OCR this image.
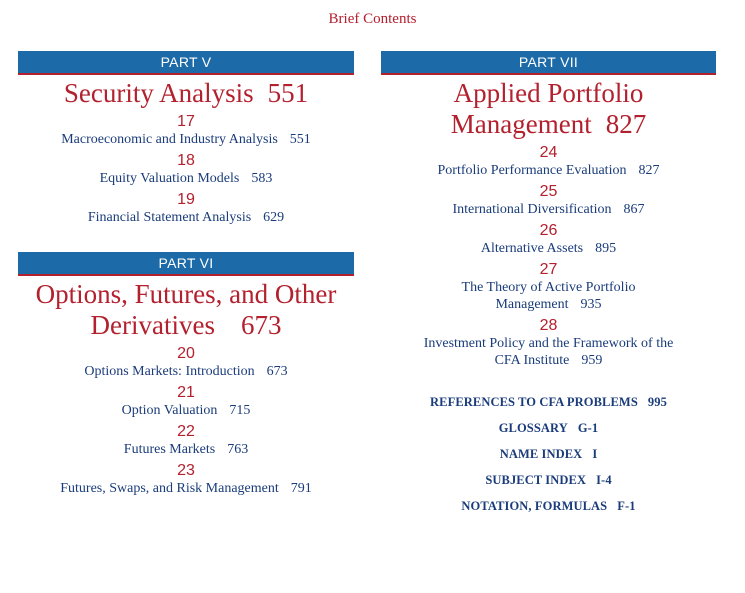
Brief Contents
PART V
Security Analysis 551
17
Macroeconomic and Industry Analysis 551
18
Equity Valuation Models 583
19
Financial Statement Analysis 629
PART VI
Options, Futures, and Other
Derivatives 673
20
Options Markets: Introduction 673
21
Option Valuation 715
22
Futures Markets 763
23
Futures, Swaps, and Risk Management 791
PART VII
Applied Portfolio
Management 827
24
Portfolio Performance Evaluation 827
25
International Diversification 867
26
Alternative Assets 895
27
The Theory of Active Portfolio
Management 935
28
Investment Policy and the Framework of the
CFA Institute 959
REFERENCES TO CFA PROBLEMS 995
GLOSSARY G-1
NAME INDEX I
SUBJECT INDEX I-4
NOTATION, FORMULAS F-1
